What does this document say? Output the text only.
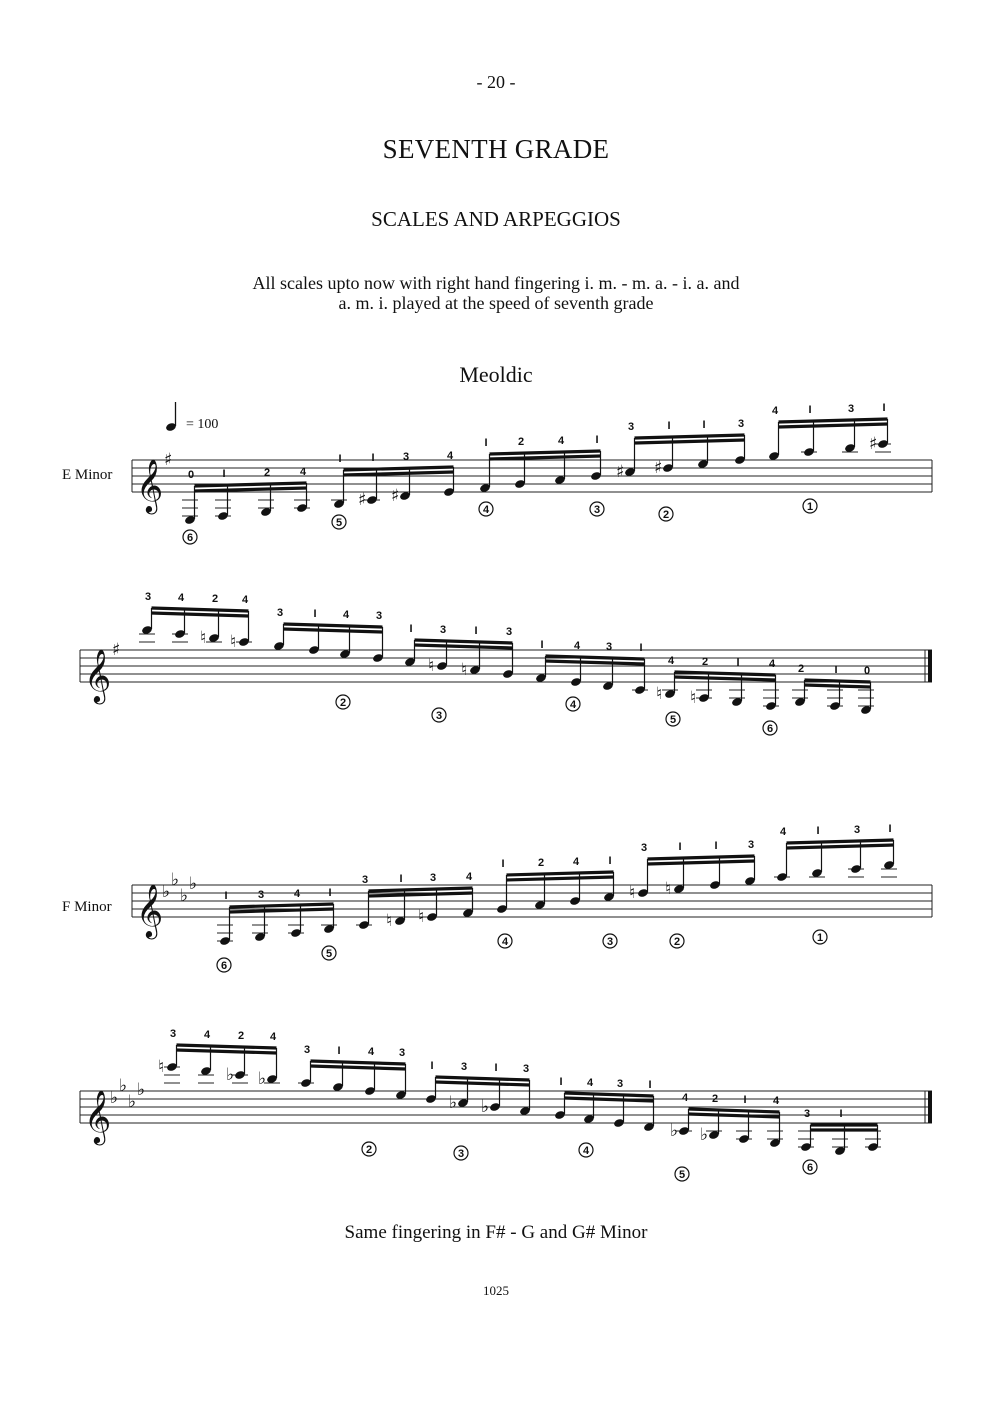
- 20 -
SEVENTH GRADE
SCALES AND ARPEGGIOS
All scales upto now with right hand fingering i. m. - m. a. - i. a. and
a. m. i. played at the speed of seventh grade
Meoldic
= 100
E Minor
F Minor
𝄞 ♯
0	I	2	4
I	I	3	4
I	2	4	I
3	I	I	3
4	I	3	I
♯ ♯
♯ ♯
♯
6
5
4	3	2
1
𝄞 ♯
3 4	2 4
3	I 4 3
I 3	I	3
I	4 3 I
4	2	I	4 2	I 0
♮ ♮
♮ ♮
♮ ♮
2
3
4
5
6
𝄞
♭
♭
♭
♭
I	3	4	I
3	I 3	4
I	2	4	I
3	I	I	3
4	I	3	I
♮ ♮
♮ ♮
6
5
4	3	2	1
𝄞
♭
♭
♭
♭
3	4	2 4
3 I 4 3
I 3 I 3
I 4 3 I
4 2 I 4
3	I
♮	♭ ♭
♭ ♭
♭ ♭
2	3	4
5
6
Same fingering in F# - G and G# Minor
1025
